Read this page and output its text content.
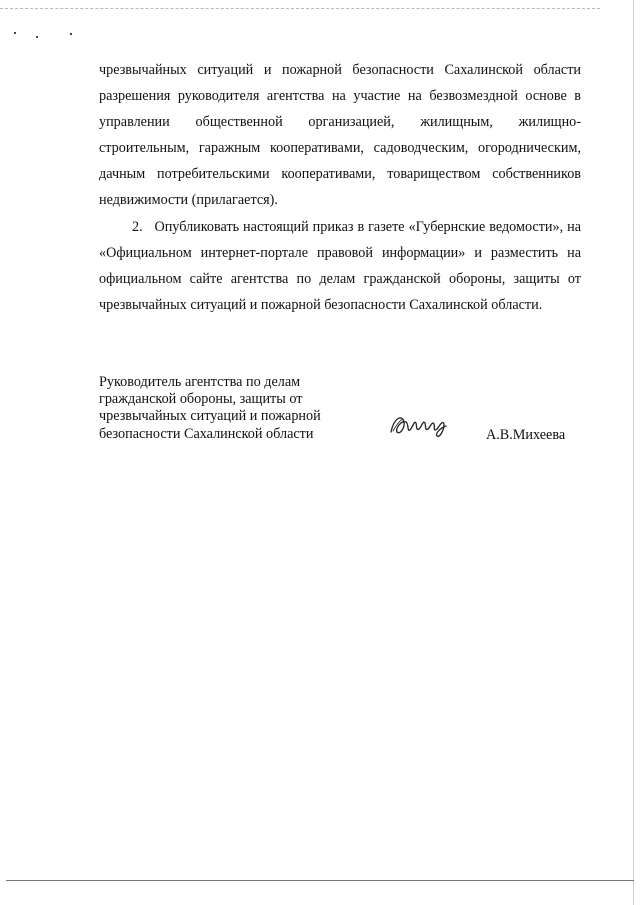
чрезвычайных ситуаций и пожарной безопасности Сахалинской области разрешения руководителя агентства на участие на безвозмездной основе в управлении общественной организацией, жилищным, жилищно-строительным, гаражным кооперативами, садоводческим, огородническим, дачным потребительскими кооперативами, товариществом собственников недвижимости (прилагается).

2.   Опубликовать настоящий приказ в газете «Губернские ведомости», на «Официальном интернет-портале правовой информации» и разместить на официальном сайте агентства по делам гражданской обороны, защиты от чрезвычайных ситуаций и пожарной безопасности Сахалинской области.

Руководитель агентства по делам
гражданской обороны, защиты от
чрезвычайных ситуаций и пожарной
безопасности Сахалинской области	А.В.Михеева
